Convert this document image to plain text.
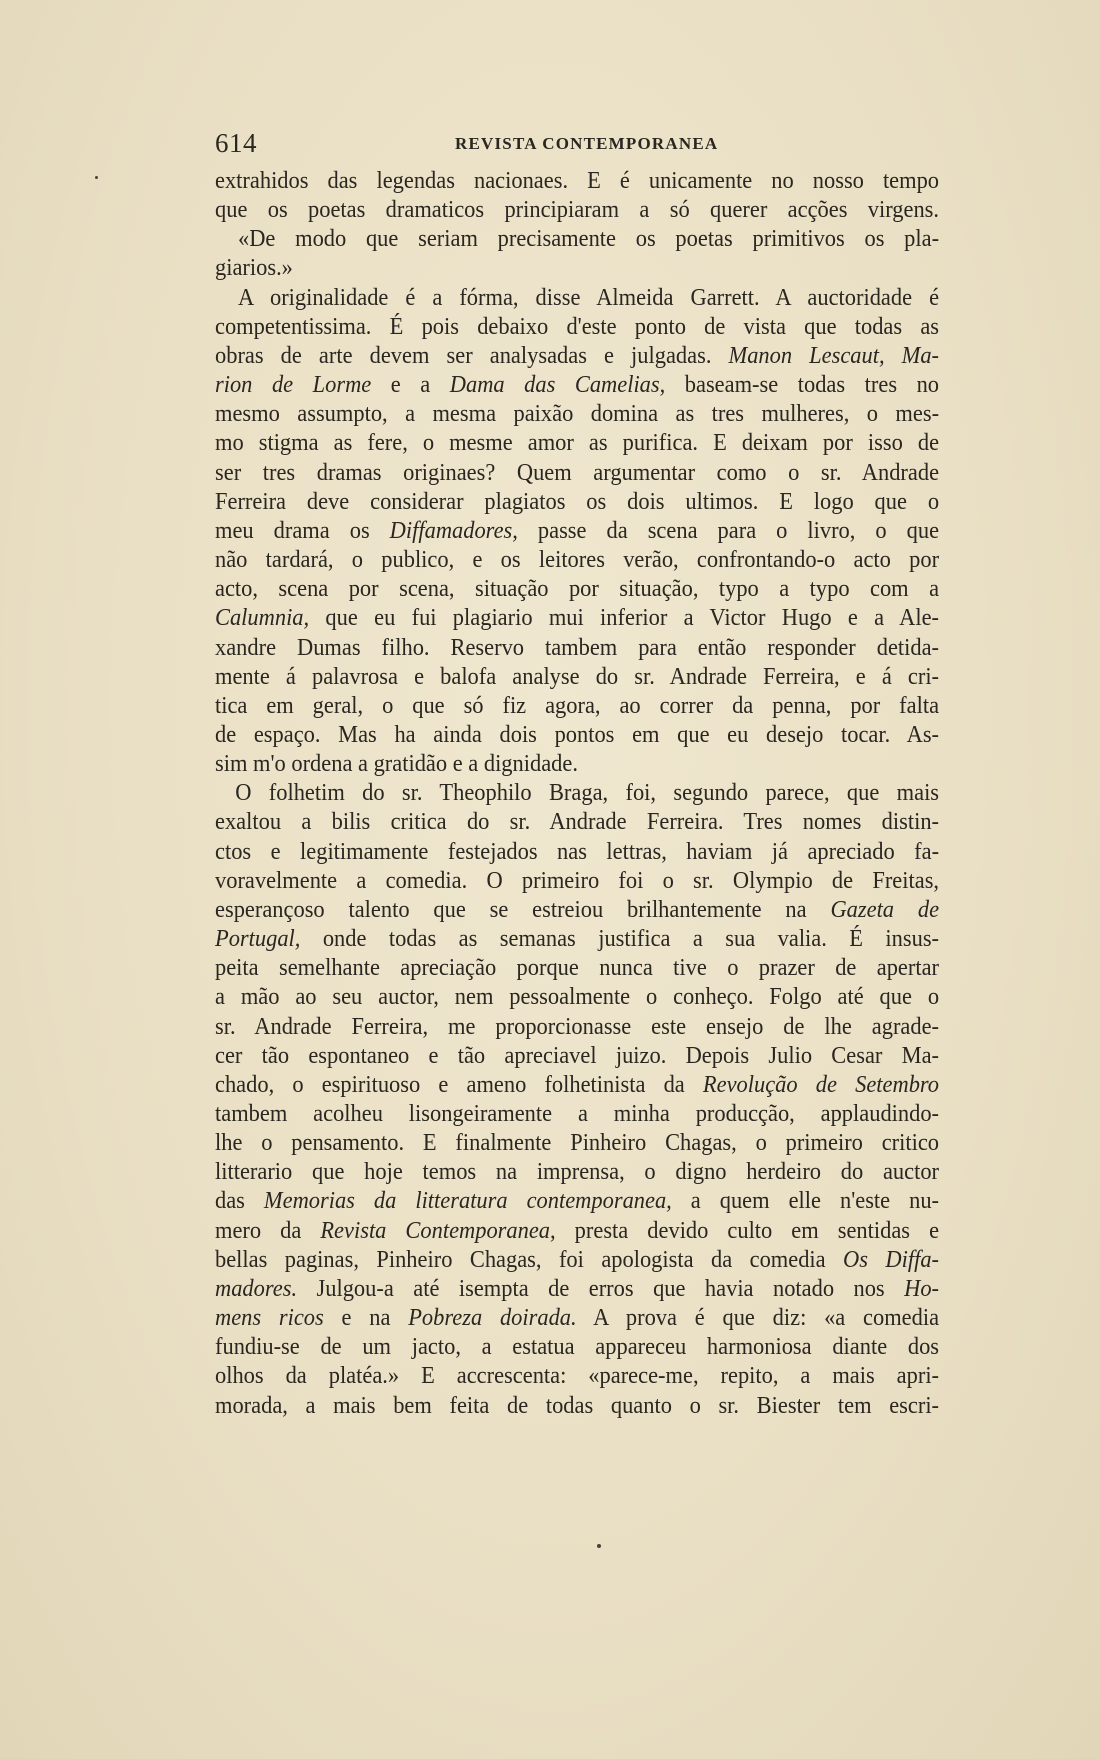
614	REVISTA CONTEMPORANEA
extrahidos das legendas nacionaes. E é unicamente no nosso tempo
que os poetas dramaticos principiaram a só querer acções virgens.
«De modo que seriam precisamente os poetas primitivos os pla-
giarios.»
A originalidade é a fórma, disse Almeida Garrett. A auctoridade é
competentissima. É pois debaixo d'este ponto de vista que todas as
obras de arte devem ser analysadas e julgadas. Manon Lescaut, Ma-
rion de Lorme e a Dama das Camelias, baseam-se todas tres no
mesmo assumpto, a mesma paixão domina as tres mulheres, o mes-
mo stigma as fere, o mesme amor as purifica. E deixam por isso de
ser tres dramas originaes? Quem argumentar como o sr. Andrade
Ferreira deve considerar plagiatos os dois ultimos. E logo que o
meu drama os Diffamadores, passe da scena para o livro, o que
não tardará, o publico, e os leitores verão, confrontando-o acto por
acto, scena por scena, situação por situação, typo a typo com a
Calumnia, que eu fui plagiario mui inferior a Victor Hugo e a Ale-
xandre Dumas filho. Reservo tambem para então responder detida-
mente á palavrosa e balofa analyse do sr. Andrade Ferreira, e á cri-
tica em geral, o que só fiz agora, ao correr da penna, por falta
de espaço. Mas ha ainda dois pontos em que eu desejo tocar. As-
sim m'o ordena a gratidão e a dignidade.
O folhetim do sr. Theophilo Braga, foi, segundo parece, que mais
exaltou a bilis critica do sr. Andrade Ferreira. Tres nomes distin-
ctos e legitimamente festejados nas lettras, haviam já apreciado fa-
voravelmente a comedia. O primeiro foi o sr. Olympio de Freitas,
esperançoso talento que se estreiou brilhantemente na Gazeta de
Portugal, onde todas as semanas justifica a sua valia. É insus-
peita semelhante apreciação porque nunca tive o prazer de apertar
a mão ao seu auctor, nem pessoalmente o conheço. Folgo até que o
sr. Andrade Ferreira, me proporcionasse este ensejo de lhe agrade-
cer tão espontaneo e tão apreciavel juizo. Depois Julio Cesar Ma-
chado, o espirituoso e ameno folhetinista da Revolução de Setembro
tambem acolheu lisongeiramente a minha producção, applaudindo-
lhe o pensamento. E finalmente Pinheiro Chagas, o primeiro critico
litterario que hoje temos na imprensa, o digno herdeiro do auctor
das Memorias da litteratura contemporanea, a quem elle n'este nu-
mero da Revista Contemporanea, presta devido culto em sentidas e
bellas paginas, Pinheiro Chagas, foi apologista da comedia Os Diffa-
madores. Julgou-a até isempta de erros que havia notado nos Ho-
mens ricos e na Pobreza doirada. A prova é que diz: «a comedia
fundiu-se de um jacto, a estatua appareceu harmoniosa diante dos
olhos da platéa.» E accrescenta: «parece-me, repito, a mais apri-
morada, a mais bem feita de todas quanto o sr. Biester tem escri-
